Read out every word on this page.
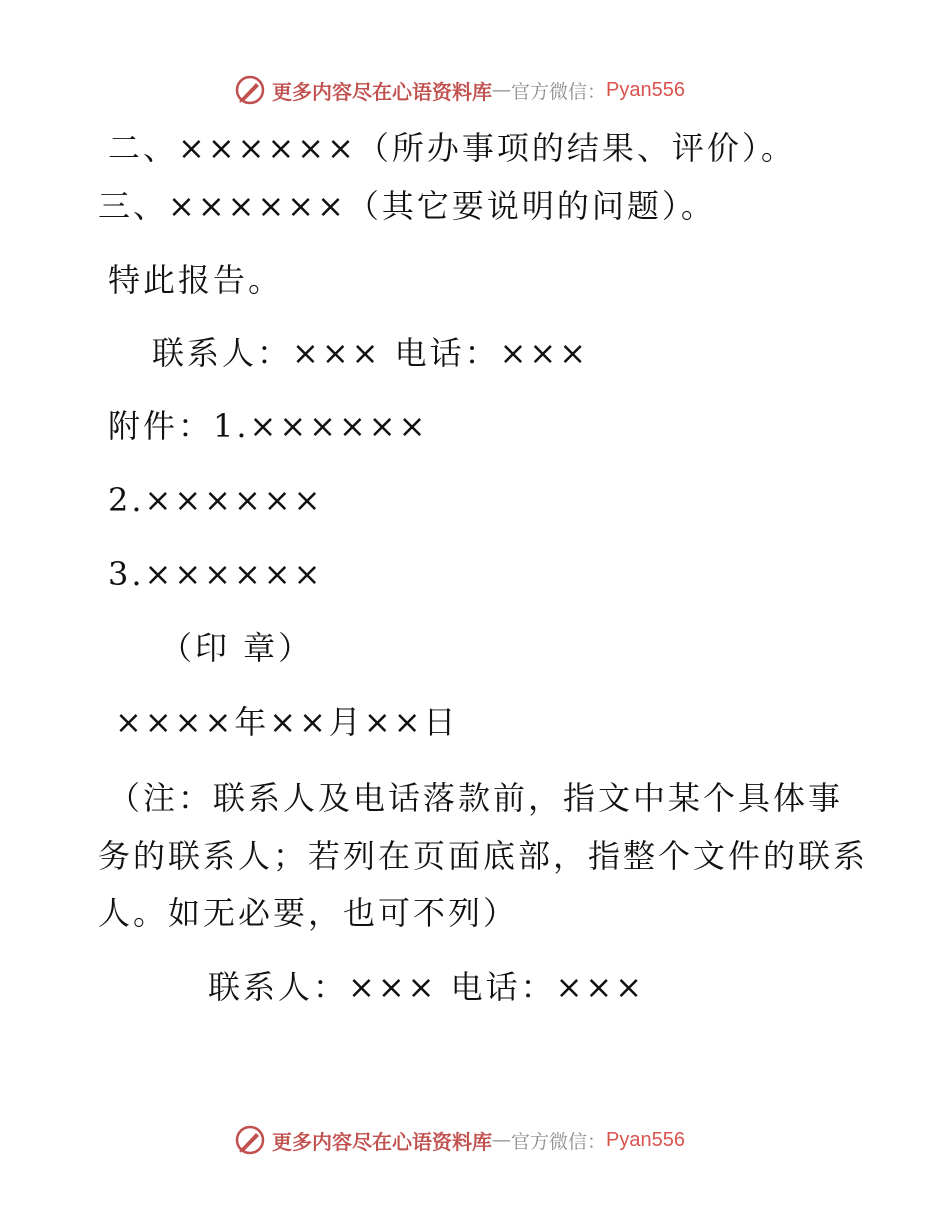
更多内容尽在心语资料库 — 官方微信： Pyan556
二、××××××（所办事项的结果、评价）。
三、××××××（其它要说明的问题）。
特此报告。
联系人：××× 电话：×××
附件：1.××××××
2.××××××
3.××××××
（印 章）
××××年××月××日
（注：联系人及电话落款前，指文中某个具体事
务的联系人；若列在页面底部，指整个文件的联系
人。如无必要，也可不列）
联系人：××× 电话：×××
更多内容尽在心语资料库 — 官方微信： Pyan556
